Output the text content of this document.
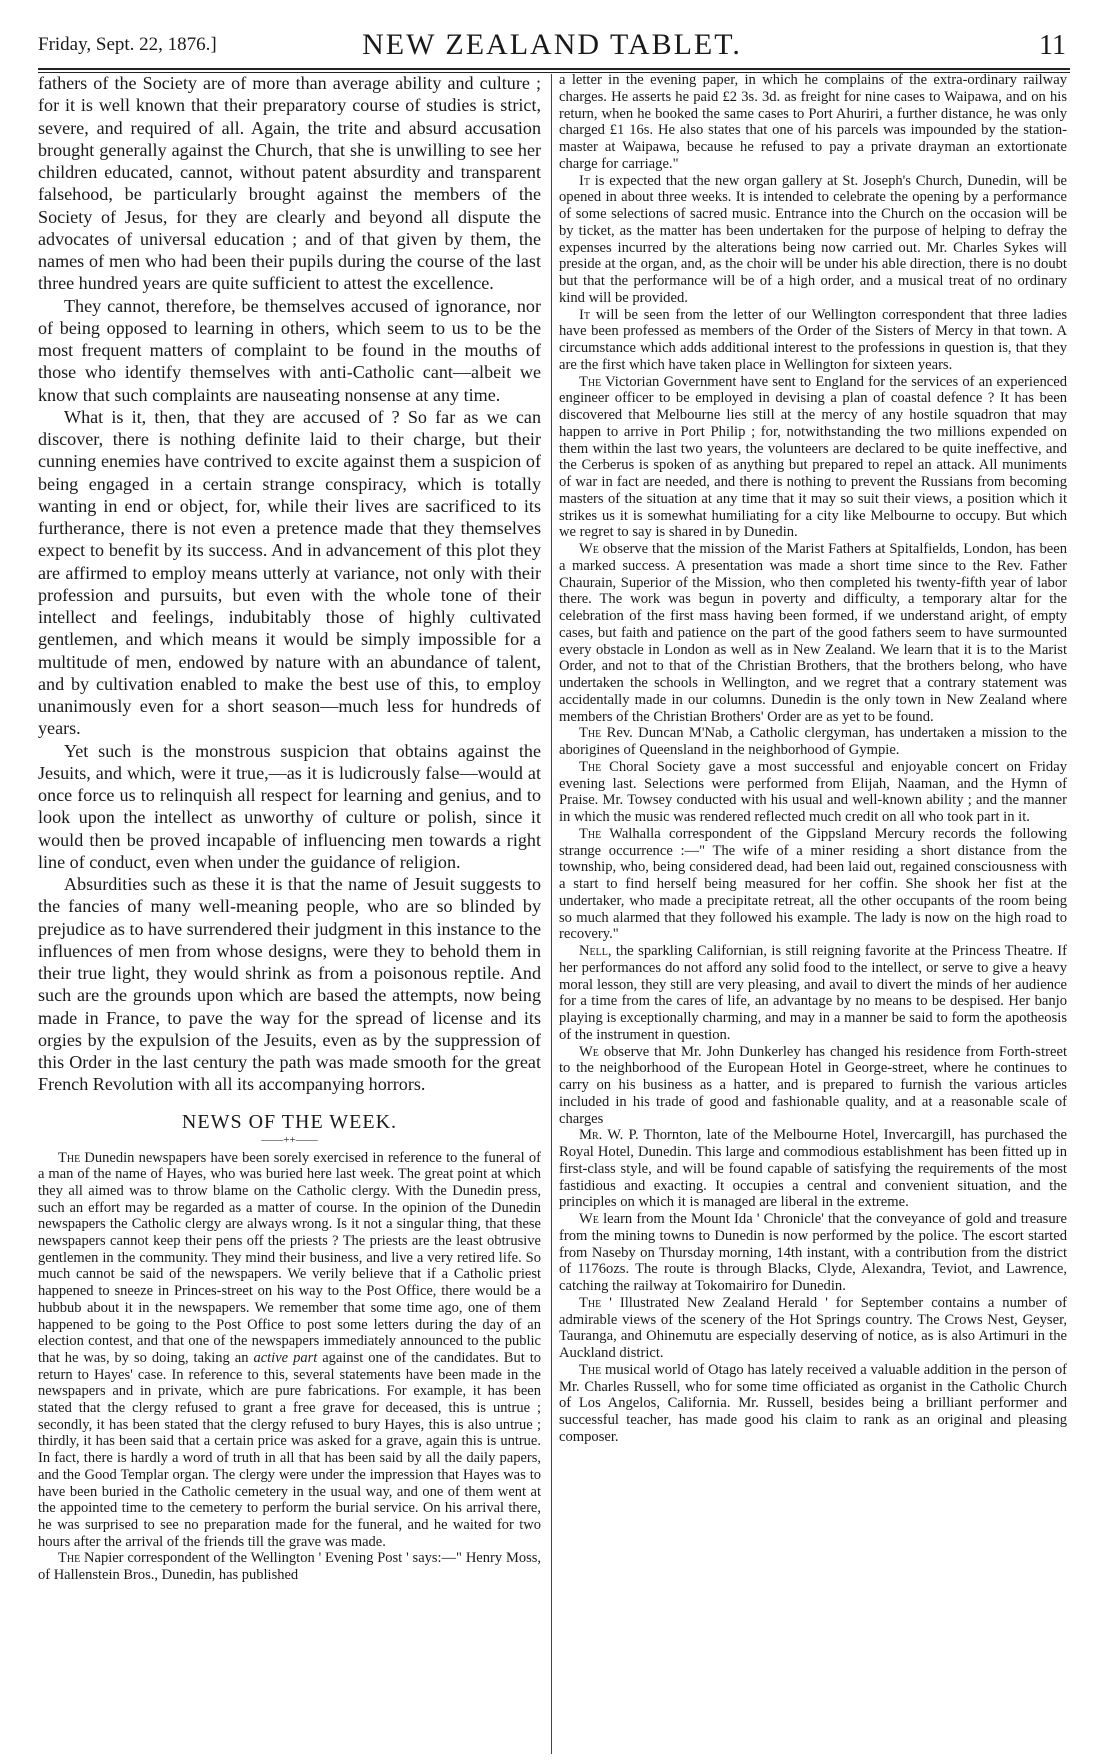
Friday, Sept. 22, 1876.]	NEW ZEALAND TABLET.	11

fathers of the Society are of more than average ability and culture ; for it is well known that their preparatory course of studies is strict, severe, and required of all. Again, the trite and absurd accusation brought generally against the Church, that she is unwilling to see her children educated, cannot, without patent absurdity and transparent falsehood, be particularly brought against the members of the Society of Jesus, for they are clearly and beyond all dispute the advocates of universal education ; and of that given by them, the names of men who had been their pupils during the course of the last three hundred years are quite sufficient to attest the excellence.

They cannot, therefore, be themselves accused of ignorance, nor of being opposed to learning in others, which seem to us to be the most frequent matters of complaint to be found in the mouths of those who identify themselves with anti-Catholic cant—albeit we know that such complaints are nauseating nonsense at any time.

What is it, then, that they are accused of ? So far as we can discover, there is nothing definite laid to their charge, but their cunning enemies have contrived to excite against them a suspicion of being engaged in a certain strange conspiracy, which is totally wanting in end or object, for, while their lives are sacrificed to its furtherance, there is not even a pretence made that they themselves expect to benefit by its success. And in advancement of this plot they are affirmed to employ means utterly at variance, not only with their profession and pursuits, but even with the whole tone of their intellect and feelings, indubitably those of highly cultivated gentlemen, and which means it would be simply impossible for a multitude of men, endowed by nature with an abundance of talent, and by cultivation enabled to make the best use of this, to employ unanimously even for a short season—much less for hundreds of years.

Yet such is the monstrous suspicion that obtains against the Jesuits, and which, were it true,—as it is ludicrously false—would at once force us to relinquish all respect for learning and genius, and to look upon the intellect as unworthy of culture or polish, since it would then be proved incapable of influencing men towards a right line of conduct, even when under the guidance of religion.

Absurdities such as these it is that the name of Jesuit suggests to the fancies of many well-meaning people, who are so blinded by prejudice as to have surrendered their judgment in this instance to the influences of men from whose designs, were they to behold them in their true light, they would shrink as from a poisonous reptile. And such are the grounds upon which are based the attempts, now being made in France, to pave the way for the spread of license and its orgies by the expulsion of the Jesuits, even as by the suppression of this Order in the last century the path was made smooth for the great French Revolution with all its accompanying horrors.

NEWS OF THE WEEK.
——++——

The Dunedin newspapers have been sorely exercised in reference to the funeral of a man of the name of Hayes, who was buried here last week. The great point at which they all aimed was to throw blame on the Catholic clergy. With the Dunedin press, such an effort may be regarded as a matter of course. In the opinion of the Dunedin newspapers the Catholic clergy are always wrong. Is it not a singular thing, that these newspapers cannot keep their pens off the priests ? The priests are the least obtrusive gentlemen in the community. They mind their business, and live a very retired life. So much cannot be said of the newspapers. We verily believe that if a Catholic priest happened to sneeze in Princes-street on his way to the Post Office, there would be a hubbub about it in the newspapers. We remember that some time ago, one of them happened to be going to the Post Office to post some letters during the day of an election contest, and that one of the newspapers immediately announced to the public that he was, by so doing, taking an active part against one of the candidates. But to return to Hayes' case. In reference to this, several statements have been made in the newspapers and in private, which are pure fabrications. For example, it has been stated that the clergy refused to grant a free grave for deceased, this is untrue ; secondly, it has been stated that the clergy refused to bury Hayes, this is also untrue ; thirdly, it has been said that a certain price was asked for a grave, again this is untrue. In fact, there is hardly a word of truth in all that has been said by all the daily papers, and the Good Templar organ. The clergy were under the impression that Hayes was to have been buried in the Catholic cemetery in the usual way, and one of them went at the appointed time to the cemetery to perform the burial service. On his arrival there, he was surprised to see no preparation made for the funeral, and he waited for two hours after the arrival of the friends till the grave was made.

The Napier correspondent of the Wellington ' Evening Post ' says:—" Henry Moss, of Hallenstein Bros., Dunedin, has published

a letter in the evening paper, in which he complains of the extra-ordinary railway charges. He asserts he paid £2 3s. 3d. as freight for nine cases to Waipawa, and on his return, when he booked the same cases to Port Ahuriri, a further distance, he was only charged £1 16s. He also states that one of his parcels was impounded by the station-master at Waipawa, because he refused to pay a private drayman an extortionate charge for carriage."

It is expected that the new organ gallery at St. Joseph's Church, Dunedin, will be opened in about three weeks. It is intended to celebrate the opening by a performance of some selections of sacred music. Entrance into the Church on the occasion will be by ticket, as the matter has been undertaken for the purpose of helping to defray the expenses incurred by the alterations being now carried out. Mr. Charles Sykes will preside at the organ, and, as the choir will be under his able direction, there is no doubt but that the performance will be of a high order, and a musical treat of no ordinary kind will be provided.

It will be seen from the letter of our Wellington correspondent that three ladies have been professed as members of the Order of the Sisters of Mercy in that town. A circumstance which adds additional interest to the professions in question is, that they are the first which have taken place in Wellington for sixteen years.

The Victorian Government have sent to England for the services of an experienced engineer officer to be employed in devising a plan of coastal defence ? It has been discovered that Melbourne lies still at the mercy of any hostile squadron that may happen to arrive in Port Philip ; for, notwithstanding the two millions expended on them within the last two years, the volunteers are declared to be quite ineffective, and the Cerberus is spoken of as anything but prepared to repel an attack. All muniments of war in fact are needed, and there is nothing to prevent the Russians from becoming masters of the situation at any time that it may so suit their views, a position which it strikes us it is somewhat humiliating for a city like Melbourne to occupy. But which we regret to say is shared in by Dunedin.

We observe that the mission of the Marist Fathers at Spitalfields, London, has been a marked success. A presentation was made a short time since to the Rev. Father Chaurain, Superior of the Mission, who then completed his twenty-fifth year of labor there. The work was begun in poverty and difficulty, a temporary altar for the celebration of the first mass having been formed, if we understand aright, of empty cases, but faith and patience on the part of the good fathers seem to have surmounted every obstacle in London as well as in New Zealand. We learn that it is to the Marist Order, and not to that of the Christian Brothers, that the brothers belong, who have undertaken the schools in Wellington, and we regret that a contrary statement was accidentally made in our columns. Dunedin is the only town in New Zealand where members of the Christian Brothers' Order are as yet to be found.

The Rev. Duncan M'Nab, a Catholic clergyman, has undertaken a mission to the aborigines of Queensland in the neighborhood of Gympie.

The Choral Society gave a most successful and enjoyable concert on Friday evening last. Selections were performed from Elijah, Naaman, and the Hymn of Praise. Mr. Towsey conducted with his usual and well-known ability ; and the manner in which the music was rendered reflected much credit on all who took part in it.

The Walhalla correspondent of the Gippsland Mercury records the following strange occurrence :—" The wife of a miner residing a short distance from the township, who, being considered dead, had been laid out, regained consciousness with a start to find herself being measured for her coffin. She shook her fist at the undertaker, who made a precipitate retreat, all the other occupants of the room being so much alarmed that they followed his example. The lady is now on the high road to recovery."

Nell, the sparkling Californian, is still reigning favorite at the Princess Theatre. If her performances do not afford any solid food to the intellect, or serve to give a heavy moral lesson, they still are very pleasing, and avail to divert the minds of her audience for a time from the cares of life, an advantage by no means to be despised. Her banjo playing is exceptionally charming, and may in a manner be said to form the apotheosis of the instrument in question.

We observe that Mr. John Dunkerley has changed his residence from Forth-street to the neighborhood of the European Hotel in George-street, where he continues to carry on his business as a hatter, and is prepared to furnish the various articles included in his trade of good and fashionable quality, and at a reasonable scale of charges

Mr. W. P. Thornton, late of the Melbourne Hotel, Invercargill, has purchased the Royal Hotel, Dunedin. This large and commodious establishment has been fitted up in first-class style, and will be found capable of satisfying the requirements of the most fastidious and exacting. It occupies a central and convenient situation, and the principles on which it is managed are liberal in the extreme.

We learn from the Mount Ida ' Chronicle' that the conveyance of gold and treasure from the mining towns to Dunedin is now performed by the police. The escort started from Naseby on Thursday morning, 14th instant, with a contribution from the district of 1176ozs. The route is through Blacks, Clyde, Alexandra, Teviot, and Lawrence, catching the railway at Tokomairiro for Dunedin.

The ' Illustrated New Zealand Herald ' for September contains a number of admirable views of the scenery of the Hot Springs country. The Crows Nest, Geyser, Tauranga, and Ohinemutu are especially deserving of notice, as is also Artimuri in the Auckland district.

The musical world of Otago has lately received a valuable addition in the person of Mr. Charles Russell, who for some time officiated as organist in the Catholic Church of Los Angelos, California. Mr. Russell, besides being a brilliant performer and successful teacher, has made good his claim to rank as an original and pleasing composer.
